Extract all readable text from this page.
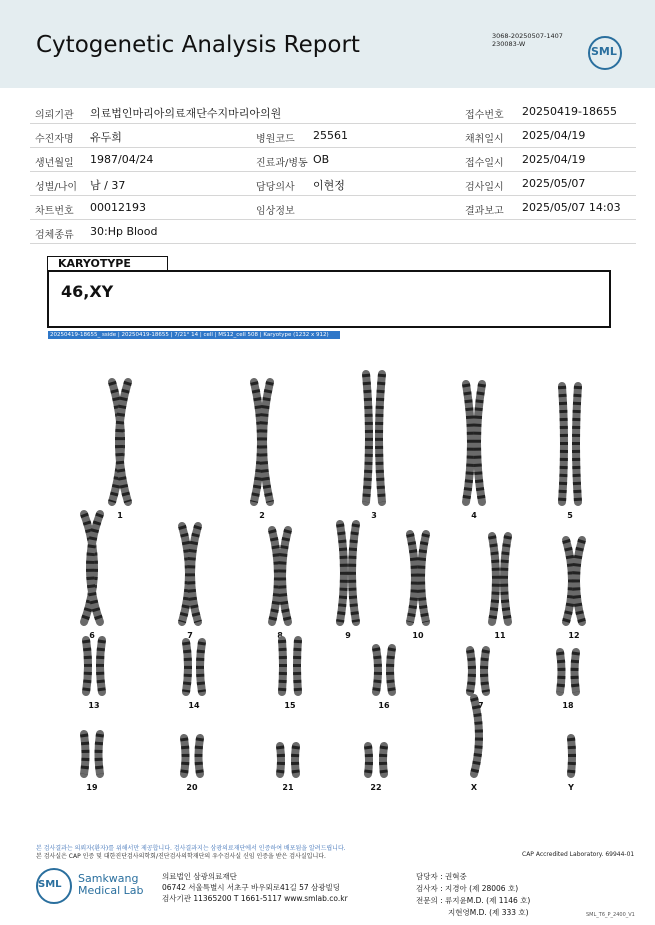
Cytogenetic Analysis Report	3068-20250507-1407
230083-W
SML
의뢰기관 의료법인마리아의료재단수지마리아의원	접수번호 20250419-18655
수진자명 유두희	병원코드 25561	채취일시 2025/04/19
생년월일 1987/04/24	진료과/병동 OB	접수일시 2025/04/19
성별/나이 남 / 37	담당의사 이현정	검사일시 2025/05/07
차트번호 00012193	임상정보	결과보고 2025/05/07 14:03
검체종류 30:Hp Blood
KARYOTYPE
46,XY
20250419-18655_ sside | 20250419-18655 | 7/21° 14 | cell | MS12_cell 508 | Karyotype (1232 x 912)
1	2	3	4	5
6	7	8	9	10	11	12
13	14	15	16	17	18
19	20	21	22	X	Y
본 검사결과는 의뢰자(환자)를 위해서만 제공합니다. 검사결과지는 삼광의료재단에서 인증하여 배포됨을 알려드립니다.
본 검사실은 CAP 인증 및 대한진단검사의학회/진단검사의학재단의 우수검사실 신임 인증을 받은 검사실입니다.	CAP Accredited Laboratory. 69944-01
SML Samkwang
Medical Lab
의료법인 삼광의료재단
06742 서울특별시 서초구 바우뫼로41길 57 삼광빌딩
검사기관 11365200 T 1661-5117 www.smlab.co.kr
담당자 : 권혁중
검사자 : 지경아 (제 28006 호)
전문의 : 류지윤M.D. (제 1146 호)
지현영M.D. (제 333 호)	SML_T6_P_2400_V1
